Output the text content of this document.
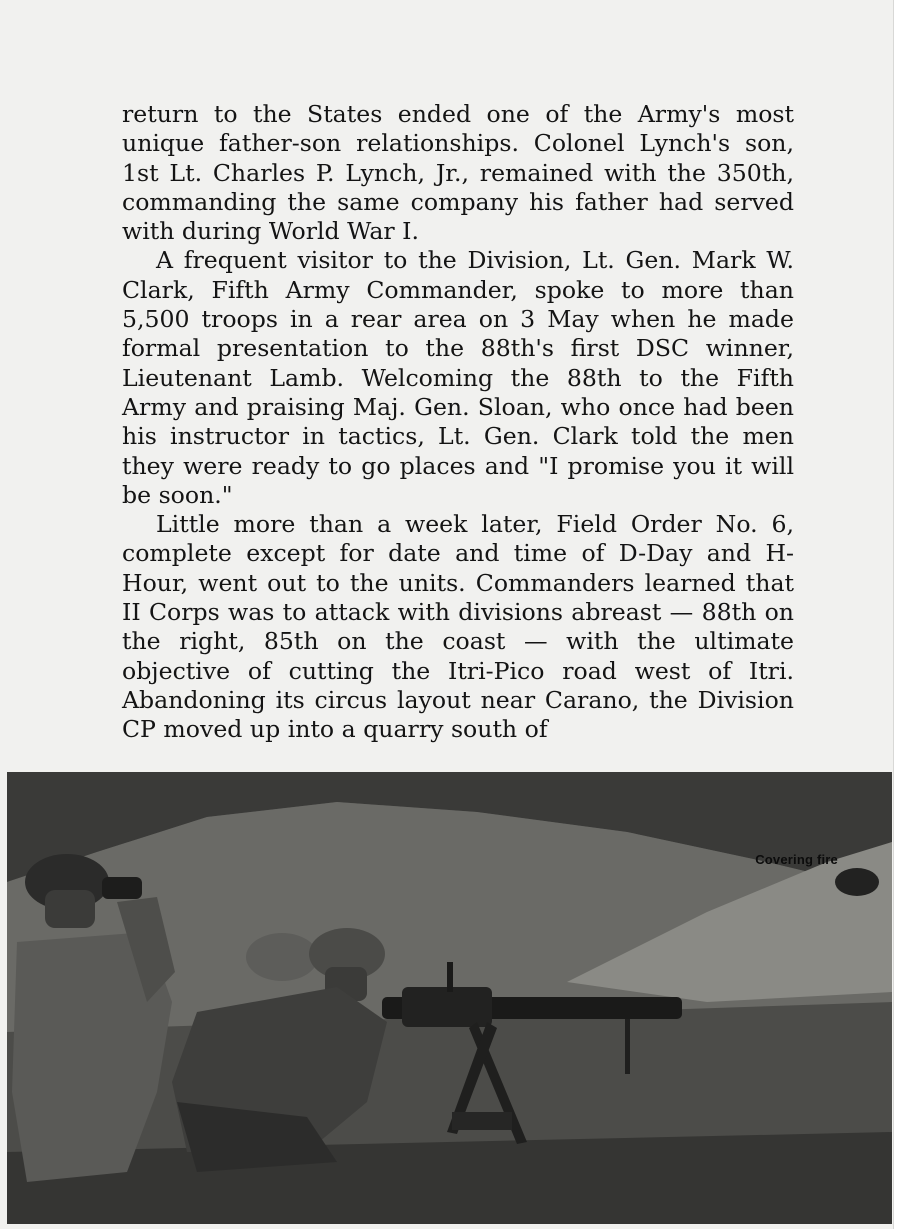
return to the States ended one of the Army's most unique father-son relationships. Colonel Lynch's son, 1st Lt. Charles P. Lynch, Jr., remained with the 350th, commanding the same company his father had served with during World War I.

A frequent visitor to the Division, Lt. Gen. Mark W. Clark, Fifth Army Commander, spoke to more than 5,500 troops in a rear area on 3 May when he made formal presentation to the 88th's first DSC winner, Lieutenant Lamb. Welcoming the 88th to the Fifth Army and praising Maj. Gen. Sloan, who once had been his instructor in tactics, Lt. Gen. Clark told the men they were ready to go places and "I promise you it will be soon."

Little more than a week later, Field Order No. 6, complete except for date and time of D-Day and H-Hour, went out to the units. Commanders learned that II Corps was to attack with divisions abreast — 88th on the right, 85th on the coast — with the ultimate objective of cutting the Itri-Pico road west of Itri. Abandoning its circus layout near Carano, the Division CP moved up into a quarry south of

Covering fire
